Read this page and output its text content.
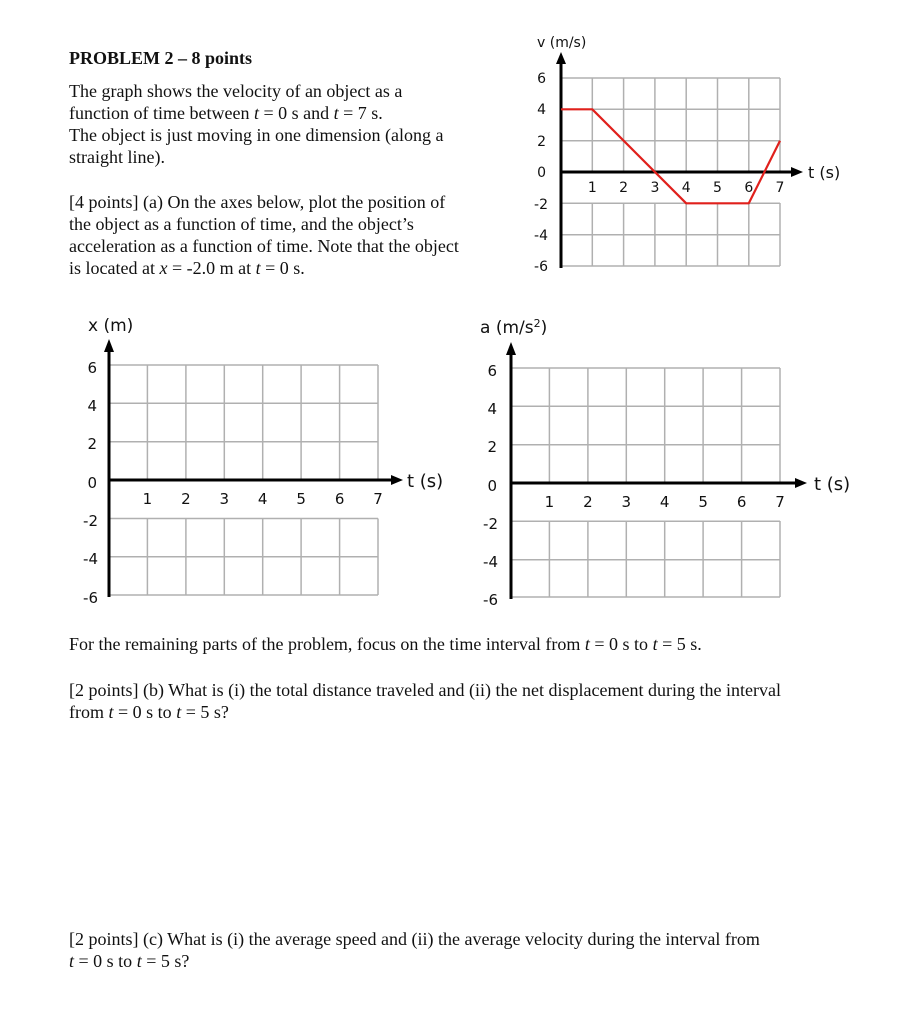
PROBLEM 2 – 8 points
The graph shows the velocity of an object as a
function of time between t = 0 s and t = 7 s.
The object is just moving in one dimension (along a
straight line).
[4 points] (a) On the axes below, plot the position of
the object as a function of time, and the object’s
acceleration as a function of time. Note that the object
is located at x = -2.0 m at t = 0 s.
6
4
2
0
-2
-4
-6
1 2 3 4 5 6 7
v (m/s)
t (s)
6
4
2
0
-2
-4
-6
1 2 3 4 5 6 7
x (m)
t (s)
6
4
2
0
-2
-4
-6
1 2 3 4 5 6 7
a $(m/s^2)$
t (s)
For the remaining parts of the problem, focus on the time interval from t = 0 s to t = 5 s.
[2 points] (b) What is (i) the total distance traveled and (ii) the net displacement during the interval
from t = 0 s to t = 5 s?
[2 points] (c) What is (i) the average speed and (ii) the average velocity during the interval from
t = 0 s to t = 5 s?
